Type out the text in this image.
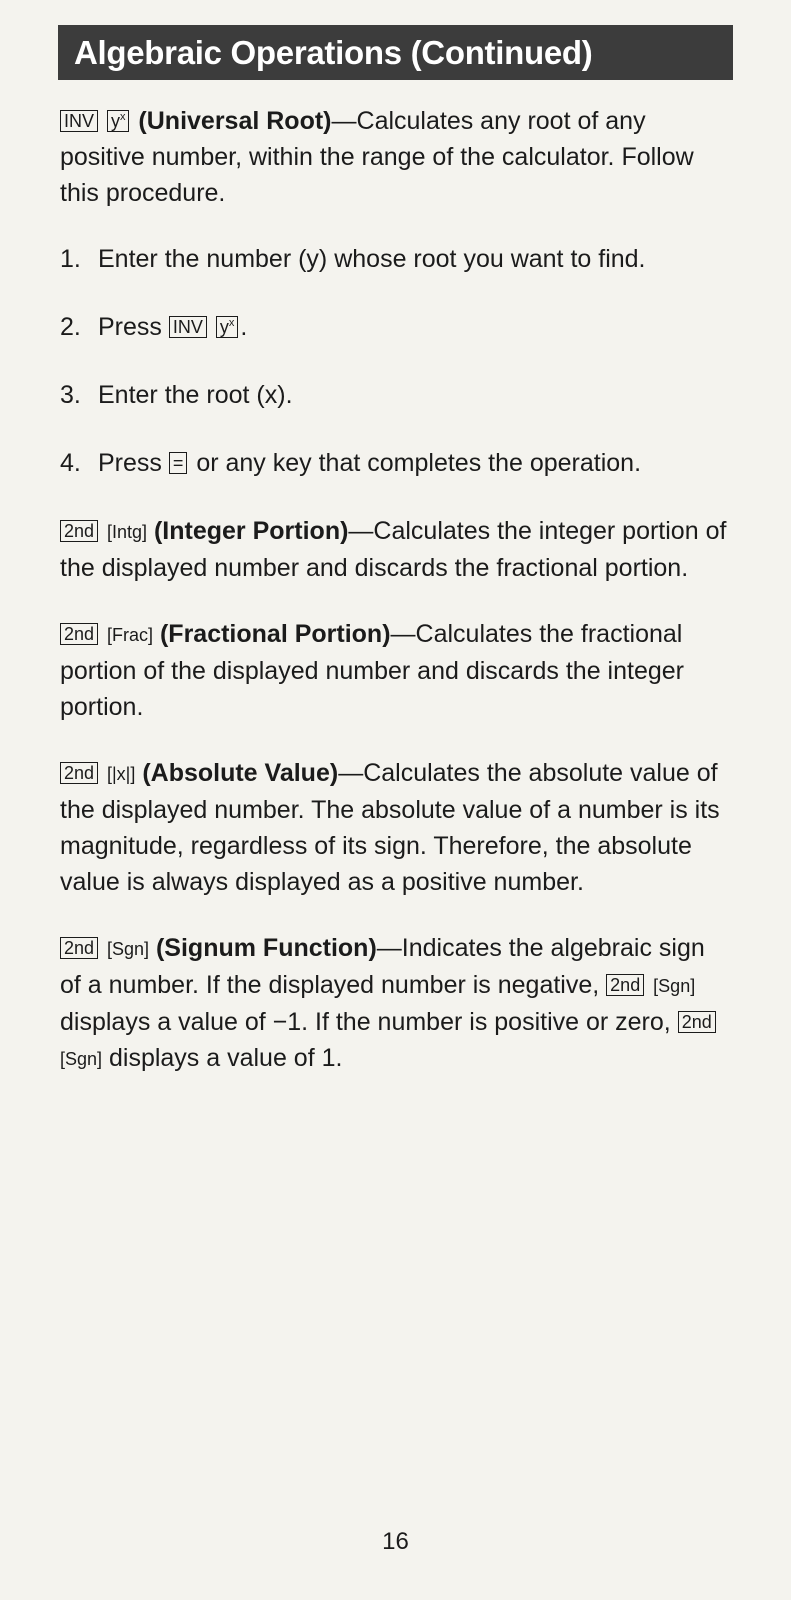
Algebraic Operations (Continued)

INV $y^x$ (Universal Root)—Calculates any root of any positive number, within the range of the calculator. Follow this procedure.

1. Enter the number (y) whose root you want to find.
2. Press INV $y^x$ .
3. Enter the root (x).
4. Press = or any key that completes the operation.

2nd [Intg] (Integer Portion)—Calculates the integer portion of the displayed number and discards the fractional portion.

2nd [Frac] (Fractional Portion)—Calculates the fractional portion of the displayed number and discards the integer portion.

2nd [|x|] (Absolute Value)—Calculates the absolute value of the displayed number. The absolute value of a number is its magnitude, regardless of its sign. Therefore, the absolute value is always displayed as a positive number.

2nd [Sgn] (Signum Function)—Indicates the algebraic sign of a number. If the displayed number is negative, 2nd [Sgn] displays a value of −1. If the number is positive or zero, 2nd [Sgn] displays a value of 1.

16
